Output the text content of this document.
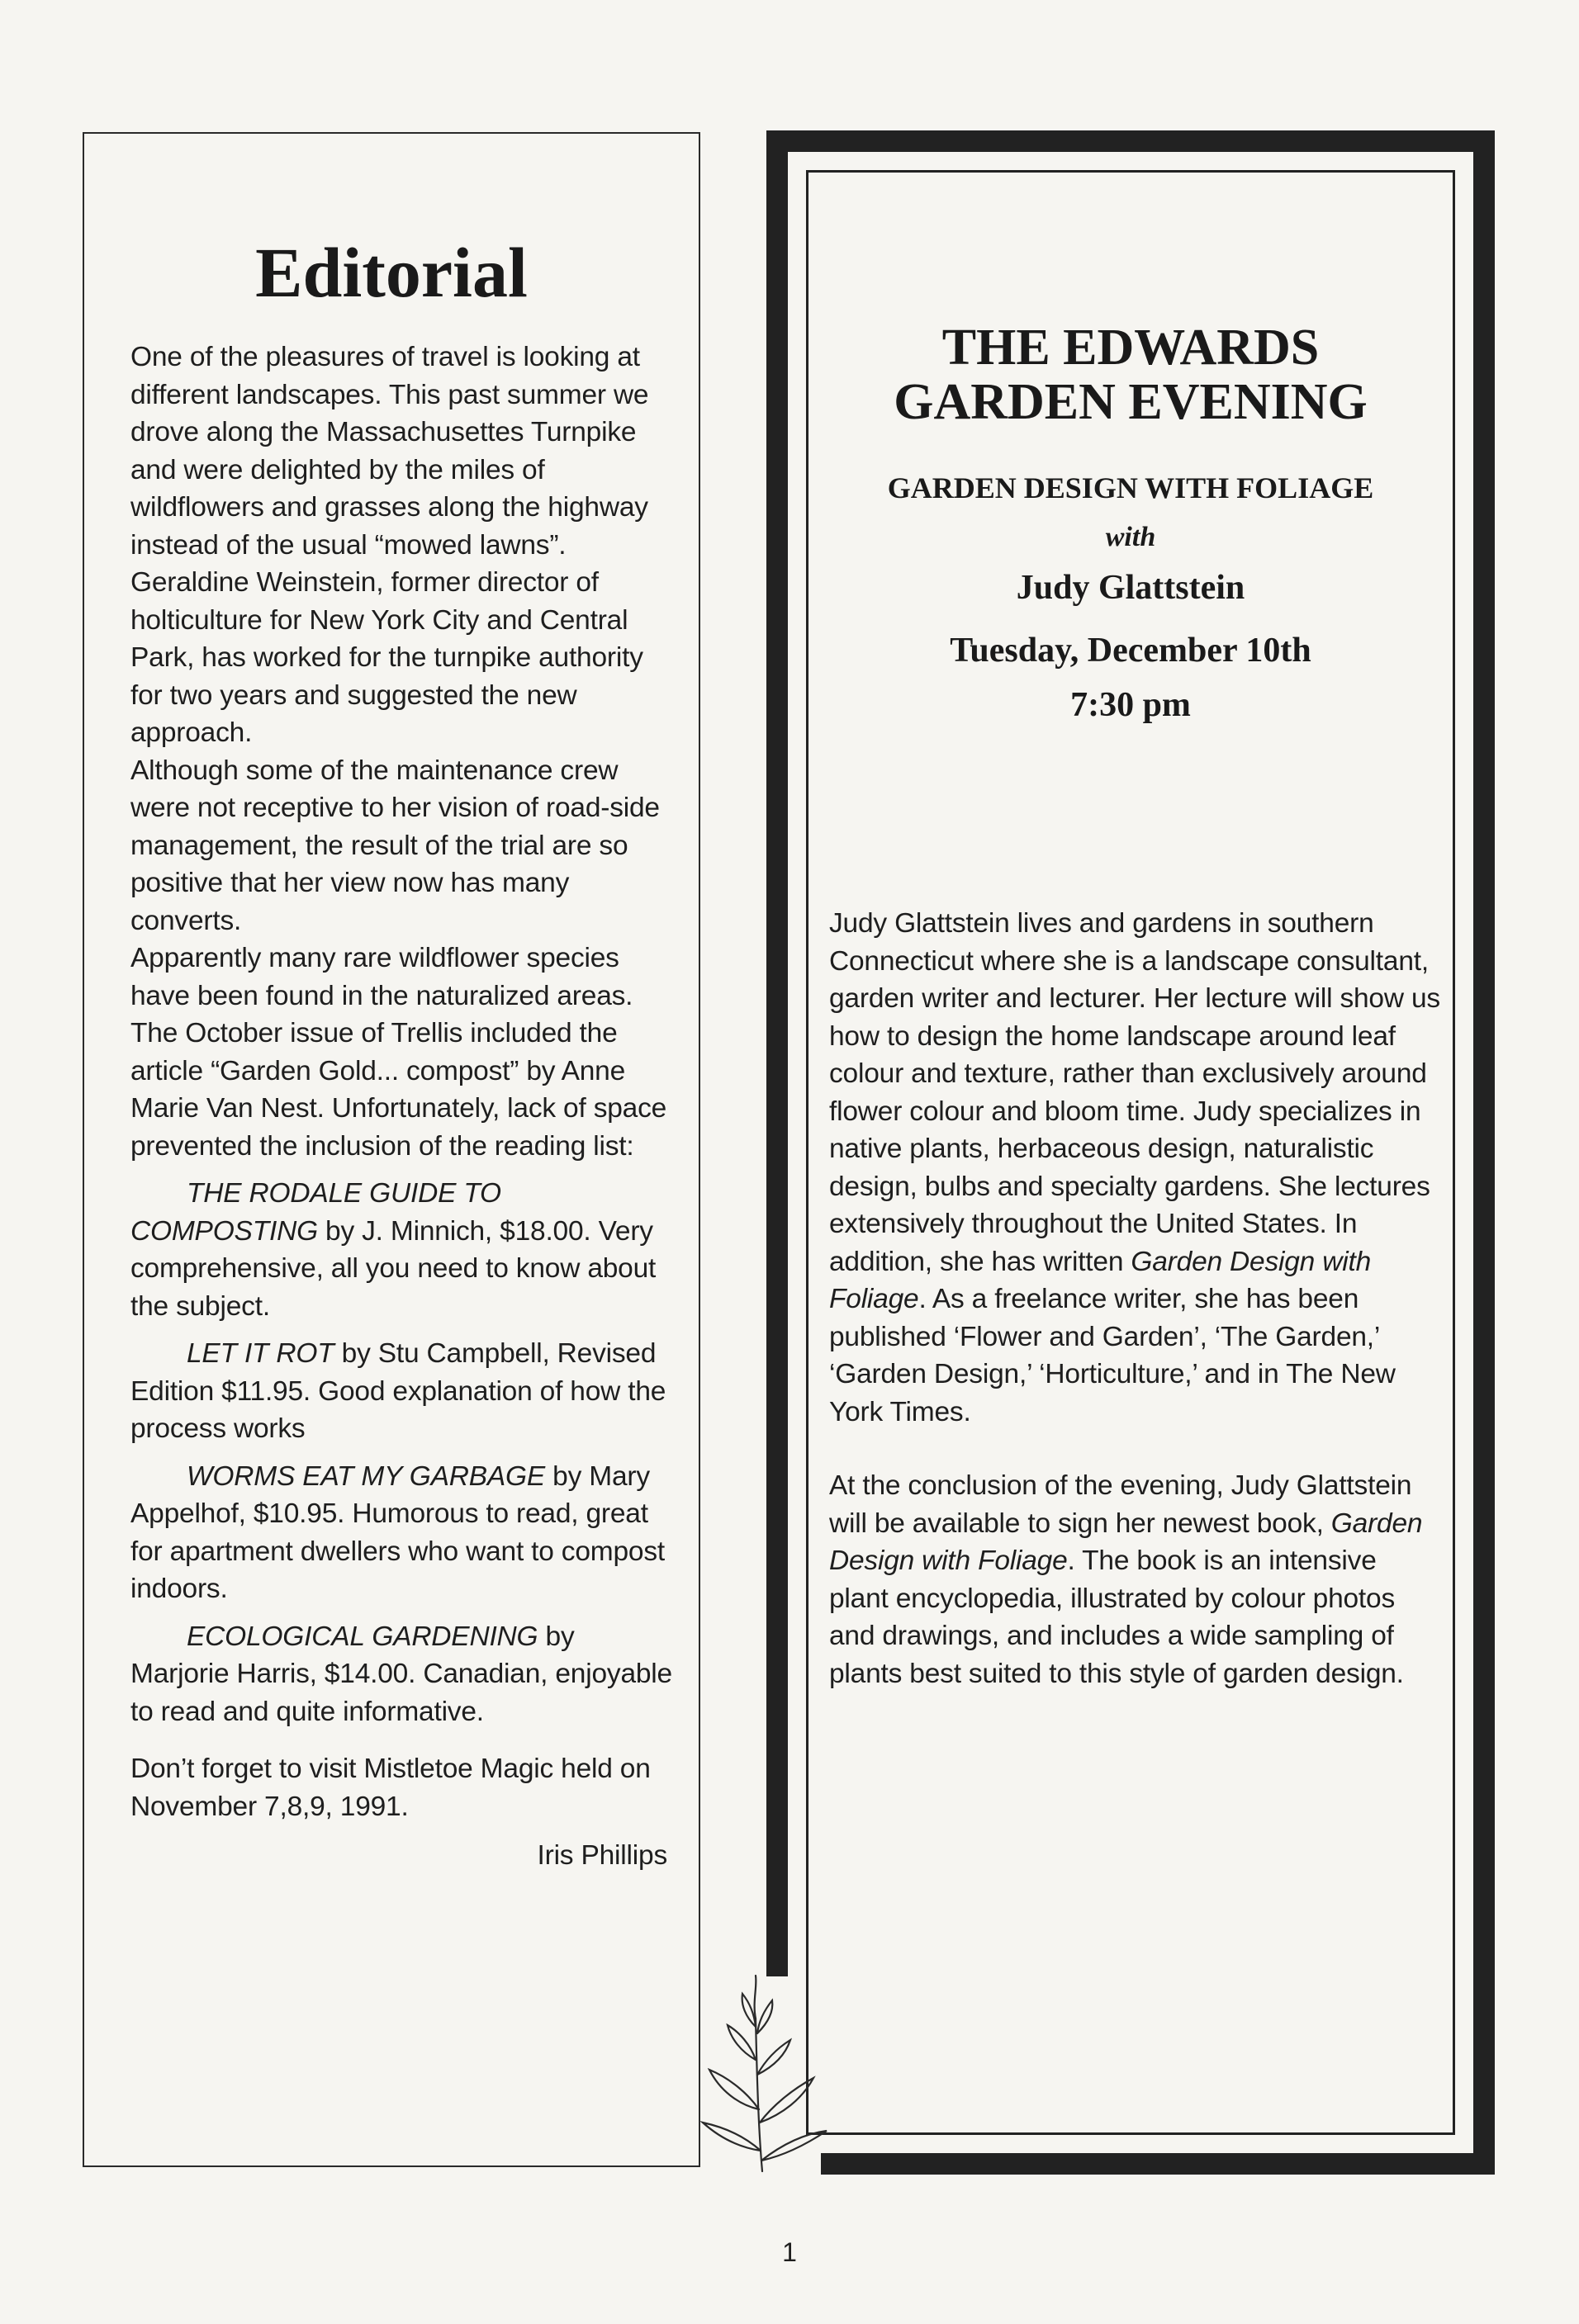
Editorial

One of the pleasures of travel is looking at different landscapes. This past summer we drove along the Massachusettes Turnpike and were delighted by the miles of wildflowers and grasses along the highway instead of the usual “mowed lawns”. Geraldine Weinstein, former director of holticulture for New York City and Central Park, has worked for the turnpike authority for two years and suggested the new approach.

Although some of the maintenance crew were not receptive to her vision of road-side management, the result of the trial are so positive that her view now has many converts.

Apparently many rare wildflower species have been found in the naturalized areas.

The October issue of Trellis included the article “Garden Gold... compost” by Anne Marie Van Nest. Unfortunately, lack of space prevented the inclusion of the reading list:

THE RODALE GUIDE TO COMPOSTING by J. Minnich, $18.00. Very comprehensive, all you need to know about the subject.

LET IT ROT by Stu Campbell, Revised Edition $11.95. Good explanation of how the process works

WORMS EAT MY GARBAGE by Mary Appelhof, $10.95. Humorous to read, great for apartment dwellers who want to compost indoors.

ECOLOGICAL GARDENING by Marjorie Harris, $14.00. Canadian, enjoyable to read and quite informative.

Don’t forget to visit Mistletoe Magic held on November 7,8,9, 1991.

Iris Phillips

THE EDWARDS
GARDEN EVENING
GARDEN DESIGN WITH FOLIAGE
with
Judy Glattstein
Tuesday, December 10th
7:30 pm

Judy Glattstein lives and gardens in southern Connecticut where she is a landscape consultant, garden writer and lecturer. Her lecture will show us how to design the home landscape around leaf colour and texture, rather than exclusively around flower colour and bloom time. Judy specializes in native plants, herbaceous design, naturalistic design, bulbs and specialty gardens. She lectures extensively throughout the United States. In addition, she has written Garden Design with Foliage. As a freelance writer, she has been published ‘Flower and Garden’, ‘The Garden,’ ‘Garden Design,’ ‘Horticulture,’ and in The New York Times.

At the conclusion of the evening, Judy Glattstein will be available to sign her newest book, Garden Design with Foliage. The book is an intensive plant encyclopedia, illustrated by colour photos and drawings, and includes a wide sampling of plants best suited to this style of garden design.

1
